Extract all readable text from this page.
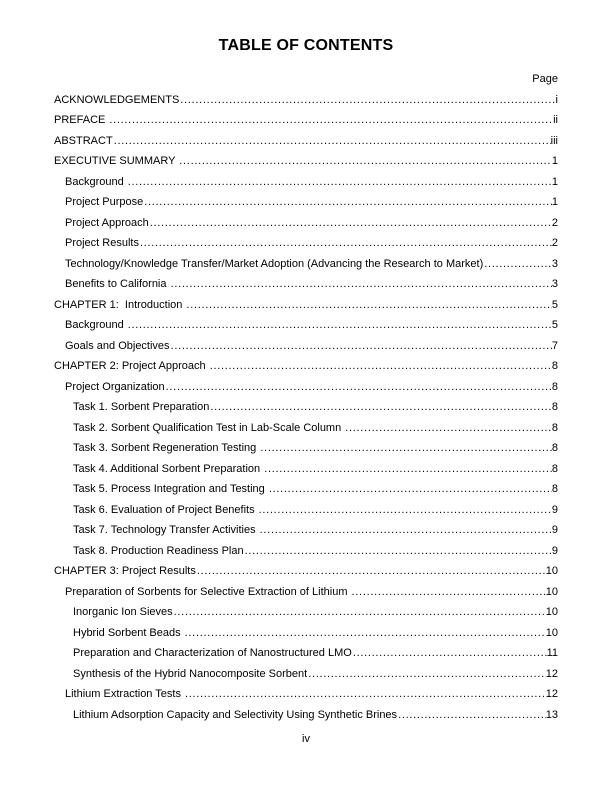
TABLE OF CONTENTS
Page
ACKNOWLEDGEMENTS .....	i
PREFACE .....	ii
ABSTRACT .....	iii
EXECUTIVE SUMMARY .....	1
Background .....	1
Project Purpose .....	1
Project Approach .....	2
Project Results .....	2
Technology/Knowledge Transfer/Market Adoption (Advancing the Research to Market) .....	3
Benefits to California .....	3
CHAPTER 1:  Introduction .....	5
Background .....	5
Goals and Objectives .....	7
CHAPTER 2: Project Approach .....	8
Project Organization .....	8
Task 1. Sorbent Preparation .....	8
Task 2. Sorbent Qualification Test in Lab-Scale Column .....	8
Task 3. Sorbent Regeneration Testing .....	8
Task 4. Additional Sorbent Preparation .....	8
Task 5. Process Integration and Testing .....	8
Task 6. Evaluation of Project Benefits .....	9
Task 7. Technology Transfer Activities .....	9
Task 8. Production Readiness Plan .....	9
CHAPTER 3: Project Results .....	10
Preparation of Sorbents for Selective Extraction of Lithium .....	10
Inorganic Ion Sieves .....	10
Hybrid Sorbent Beads .....	10
Preparation and Characterization of Nanostructured LMO .....	11
Synthesis of the Hybrid Nanocomposite Sorbent .....	12
Lithium Extraction Tests .....	12
Lithium Adsorption Capacity and Selectivity Using Synthetic Brines .....	13
iv
